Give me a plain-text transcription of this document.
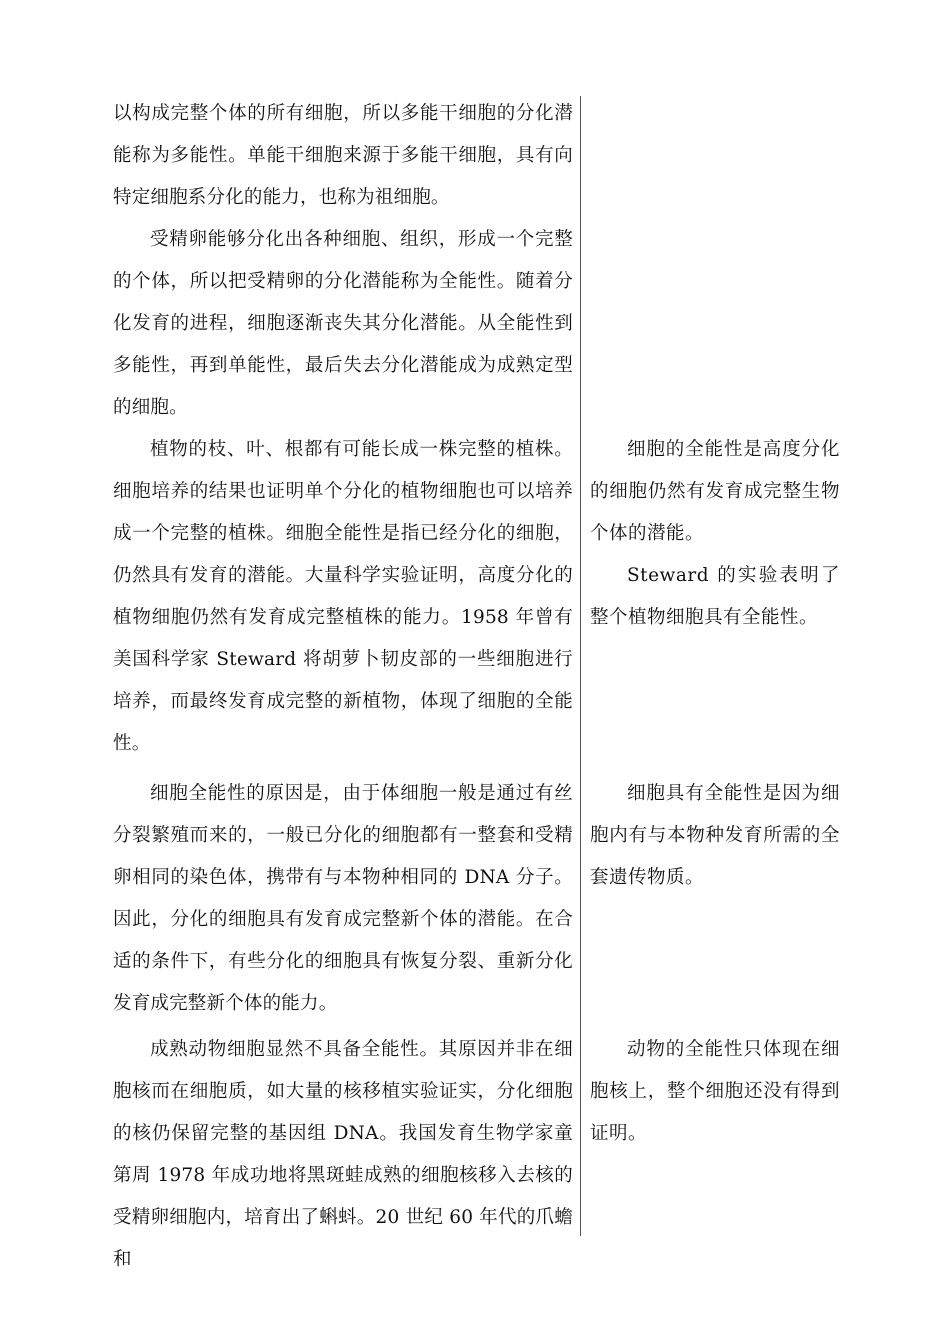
以构成完整个体的所有细胞，所以多能干细胞的分化潜能称为多能性。单能干细胞来源于多能干细胞，具有向特定细胞系分化的能力，也称为祖细胞。

受精卵能够分化出各种细胞、组织，形成一个完整的个体，所以把受精卵的分化潜能称为全能性。随着分化发育的进程，细胞逐渐丧失其分化潜能。从全能性到多能性，再到单能性，最后失去分化潜能成为成熟定型的细胞。

植物的枝、叶、根都有可能长成一株完整的植株。细胞培养的结果也证明单个分化的植物细胞也可以培养成一个完整的植株。细胞全能性是指已经分化的细胞，仍然具有发育的潜能。大量科学实验证明，高度分化的植物细胞仍然有发育成完整植株的能力。1958 年曾有美国科学家 Steward 将胡萝卜韧皮部的一些细胞进行培养，而最终发育成完整的新植物，体现了细胞的全能性。

细胞的全能性是高度分化的细胞仍然有发育成完整生物个体的潜能。

Steward 的实验表明了整个植物细胞具有全能性。

细胞全能性的原因是，由于体细胞一般是通过有丝分裂繁殖而来的，一般已分化的细胞都有一整套和受精卵相同的染色体，携带有与本物种相同的 DNA 分子。因此，分化的细胞具有发育成完整新个体的潜能。在合适的条件下，有些分化的细胞具有恢复分裂、重新分化发育成完整新个体的能力。

细胞具有全能性是因为细胞内有与本物种发育所需的全套遗传物质。

成熟动物细胞显然不具备全能性。其原因并非在细胞核而在细胞质，如大量的核移植实验证实，分化细胞的核仍保留完整的基因组 DNA。我国发育生物学家童第周 1978 年成功地将黑斑蛙成熟的细胞核移入去核的受精卵细胞内，培育出了蝌蚪。20 世纪 60 年代的爪蟾和

动物的全能性只体现在细胞核上，整个细胞还没有得到证明。
